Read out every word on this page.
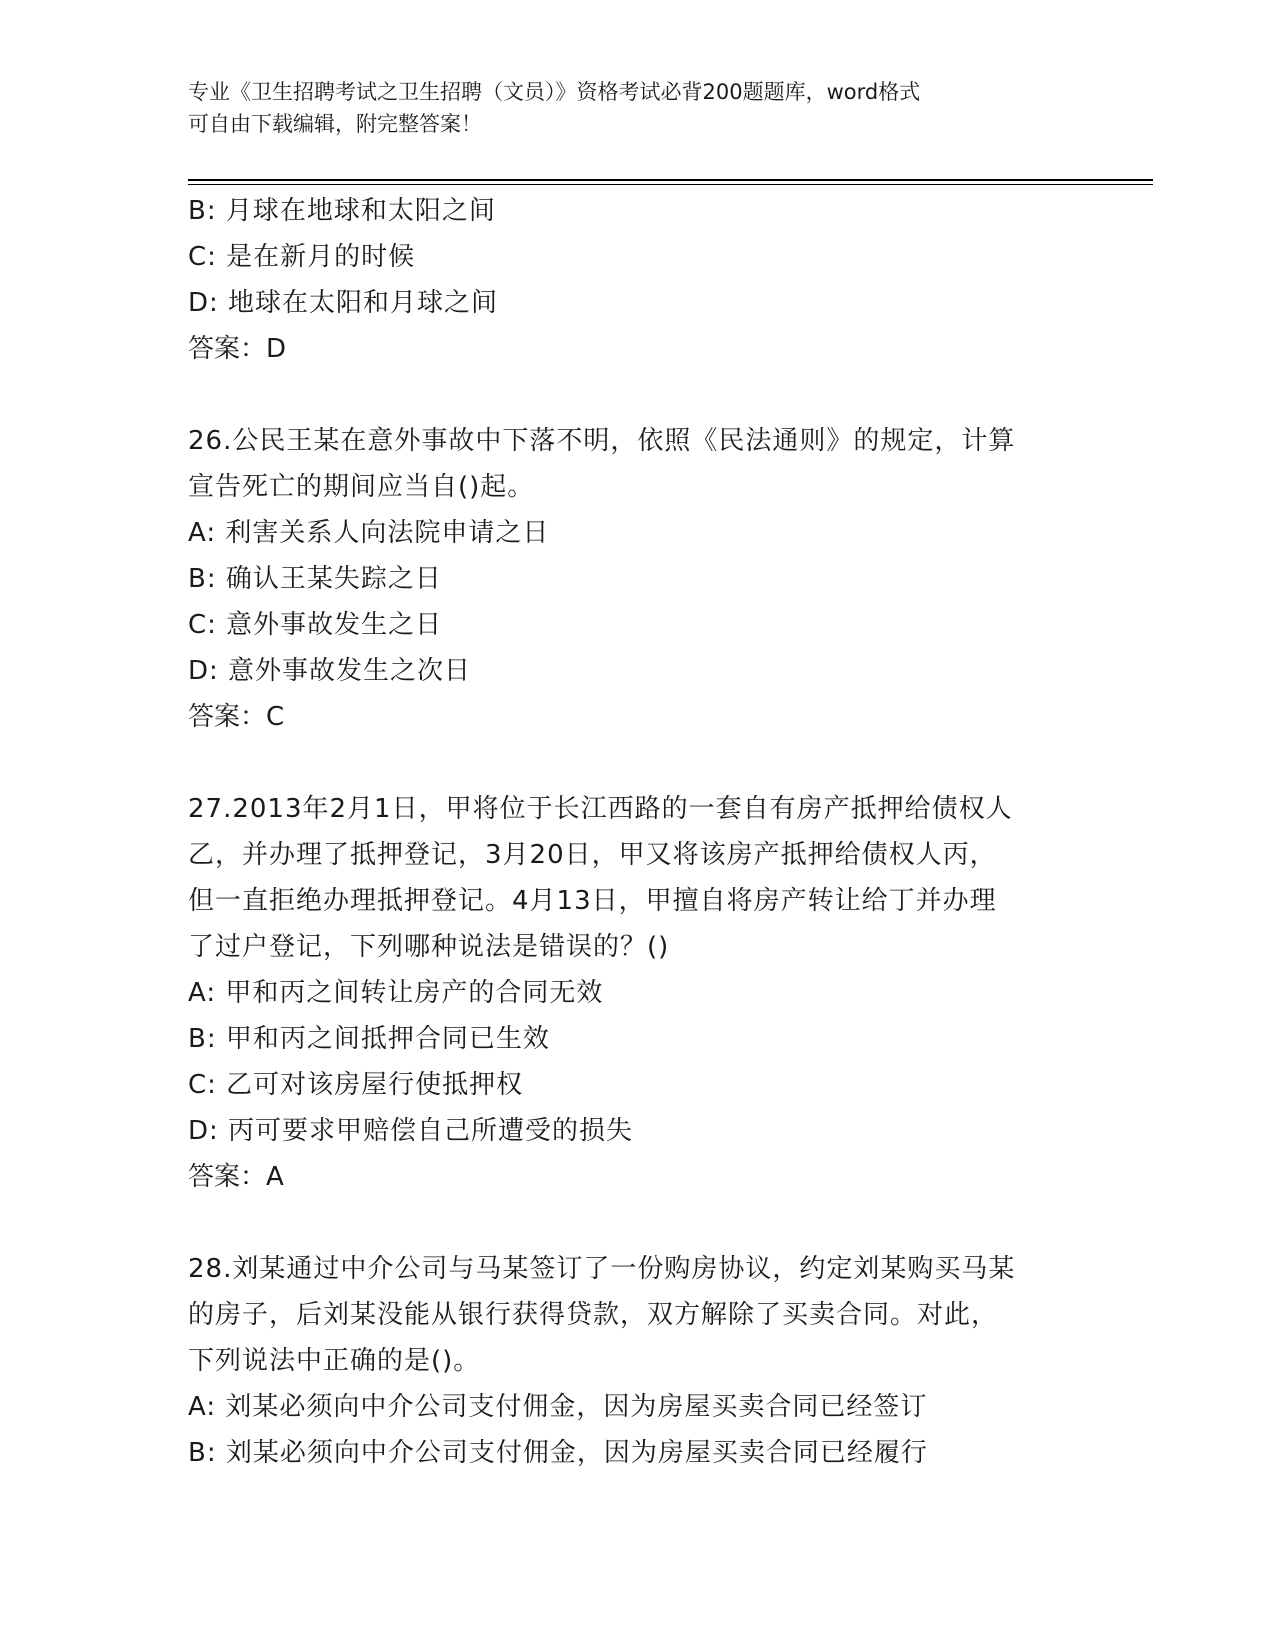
专业《卫生招聘考试之卫生招聘（文员）》资格考试必背200题题库，word格式
可自由下载编辑，附完整答案！
B: 月球在地球和太阳之间
C: 是在新月的时候
D: 地球在太阳和月球之间
答案：D
26.公民王某在意外事故中下落不明，依照《民法通则》的规定，计算
宣告死亡的期间应当自()起。
A: 利害关系人向法院申请之日
B: 确认王某失踪之日
C: 意外事故发生之日
D: 意外事故发生之次日
答案：C
27.2013年2月1日，甲将位于长江西路的一套自有房产抵押给债权人
乙，并办理了抵押登记，3月20日，甲又将该房产抵押给债权人丙，
但一直拒绝办理抵押登记。4月13日，甲擅自将房产转让给丁并办理
了过户登记，下列哪种说法是错误的？()
A: 甲和丙之间转让房产的合同无效
B: 甲和丙之间抵押合同已生效
C: 乙可对该房屋行使抵押权
D: 丙可要求甲赔偿自己所遭受的损失
答案：A
28.刘某通过中介公司与马某签订了一份购房协议，约定刘某购买马某
的房子，后刘某没能从银行获得贷款，双方解除了买卖合同。对此，
下列说法中正确的是()。
A: 刘某必须向中介公司支付佣金，因为房屋买卖合同已经签订
B: 刘某必须向中介公司支付佣金，因为房屋买卖合同已经履行
